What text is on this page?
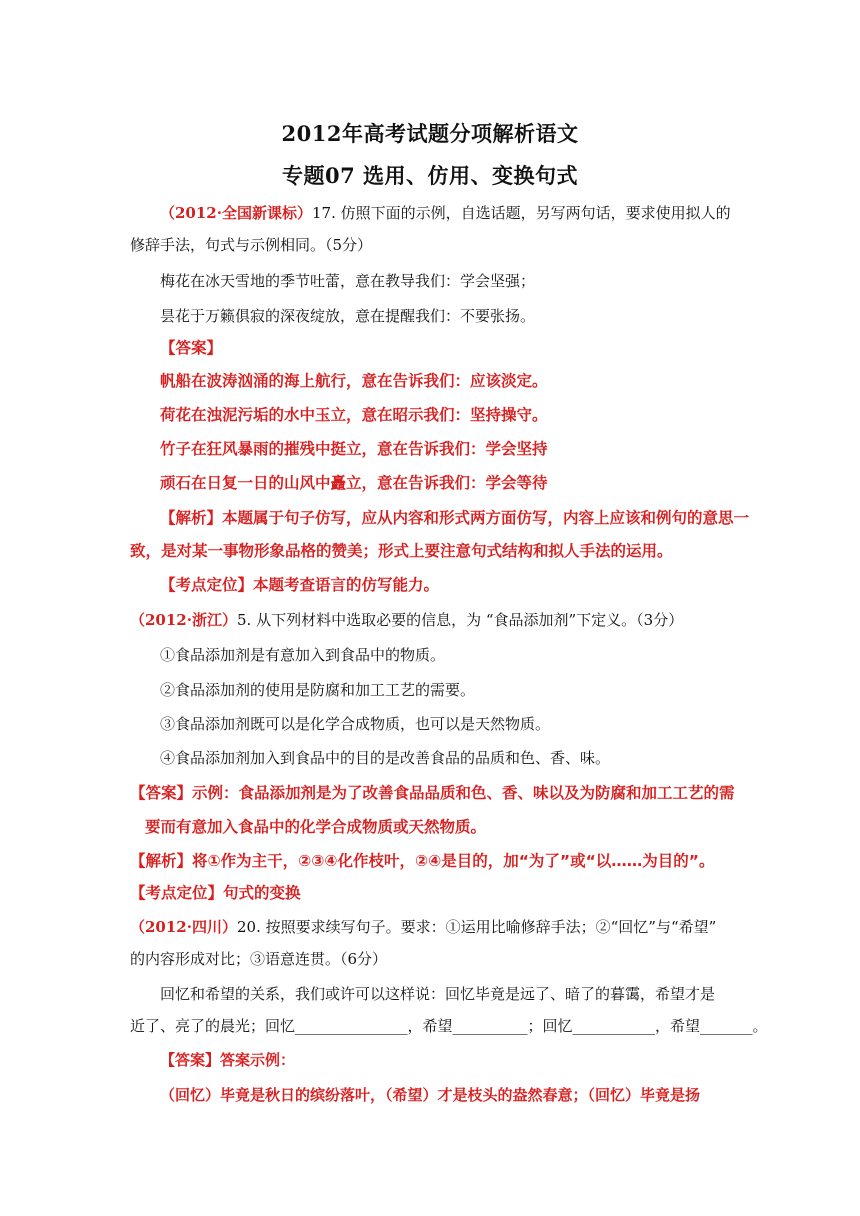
2012年高考试题分项解析语文
专题07 选用、仿用、变换句式
（2012·全国新课标）17. 仿照下面的示例，自选话题，另写两句话，要求使用拟人的
修辞手法，句式与示例相同。（5分）
梅花在冰天雪地的季节吐蕾，意在教导我们：学会坚强；
昙花于万籁俱寂的深夜绽放，意在提醒我们：不要张扬。
【答案】
帆船在波涛汹涌的海上航行，意在告诉我们：应该淡定。
荷花在浊泥污垢的水中玉立，意在昭示我们：坚持操守。
竹子在狂风暴雨的摧残中挺立，意在告诉我们：学会坚持
顽石在日复一日的山风中矗立，意在告诉我们：学会等待
【解析】本题属于句子仿写，应从内容和形式两方面仿写，内容上应该和例句的意思一
致，是对某一事物形象品格的赞美；形式上要注意句式结构和拟人手法的运用。
【考点定位】本题考查语言的仿写能力。
（2012·浙江）5. 从下列材料中选取必要的信息，为 “食品添加剂”下定义。（3分）
①食品添加剂是有意加入到食品中的物质。
②食品添加剂的使用是防腐和加工工艺的需要。
③食品添加剂既可以是化学合成物质，也可以是天然物质。
④食品添加剂加入到食品中的目的是改善食品的品质和色、香、味。
【答案】示例：食品添加剂是为了改善食品品质和色、香、味以及为防腐和加工工艺的需
要而有意加入食品中的化学合成物质或天然物质。
【解析】将①作为主干，②③④化作枝叶，②④是目的，加“为了”或“以……为目的”。
【考点定位】句式的变换
（2012·四川）20. 按照要求续写句子。要求：①运用比喻修辞手法；②“回忆”与“希望”
的内容形成对比；③语意连贯。（6分）
回忆和希望的关系，我们或许可以这样说：回忆毕竟是远了、暗了的暮霭，希望才是
近了、亮了的晨光；回忆_______________，希望__________；回忆___________，希望_______。
【答案】答案示例：
（回忆）毕竟是秋日的缤纷落叶，（希望）才是枝头的盎然春意；（回忆）毕竟是扬
